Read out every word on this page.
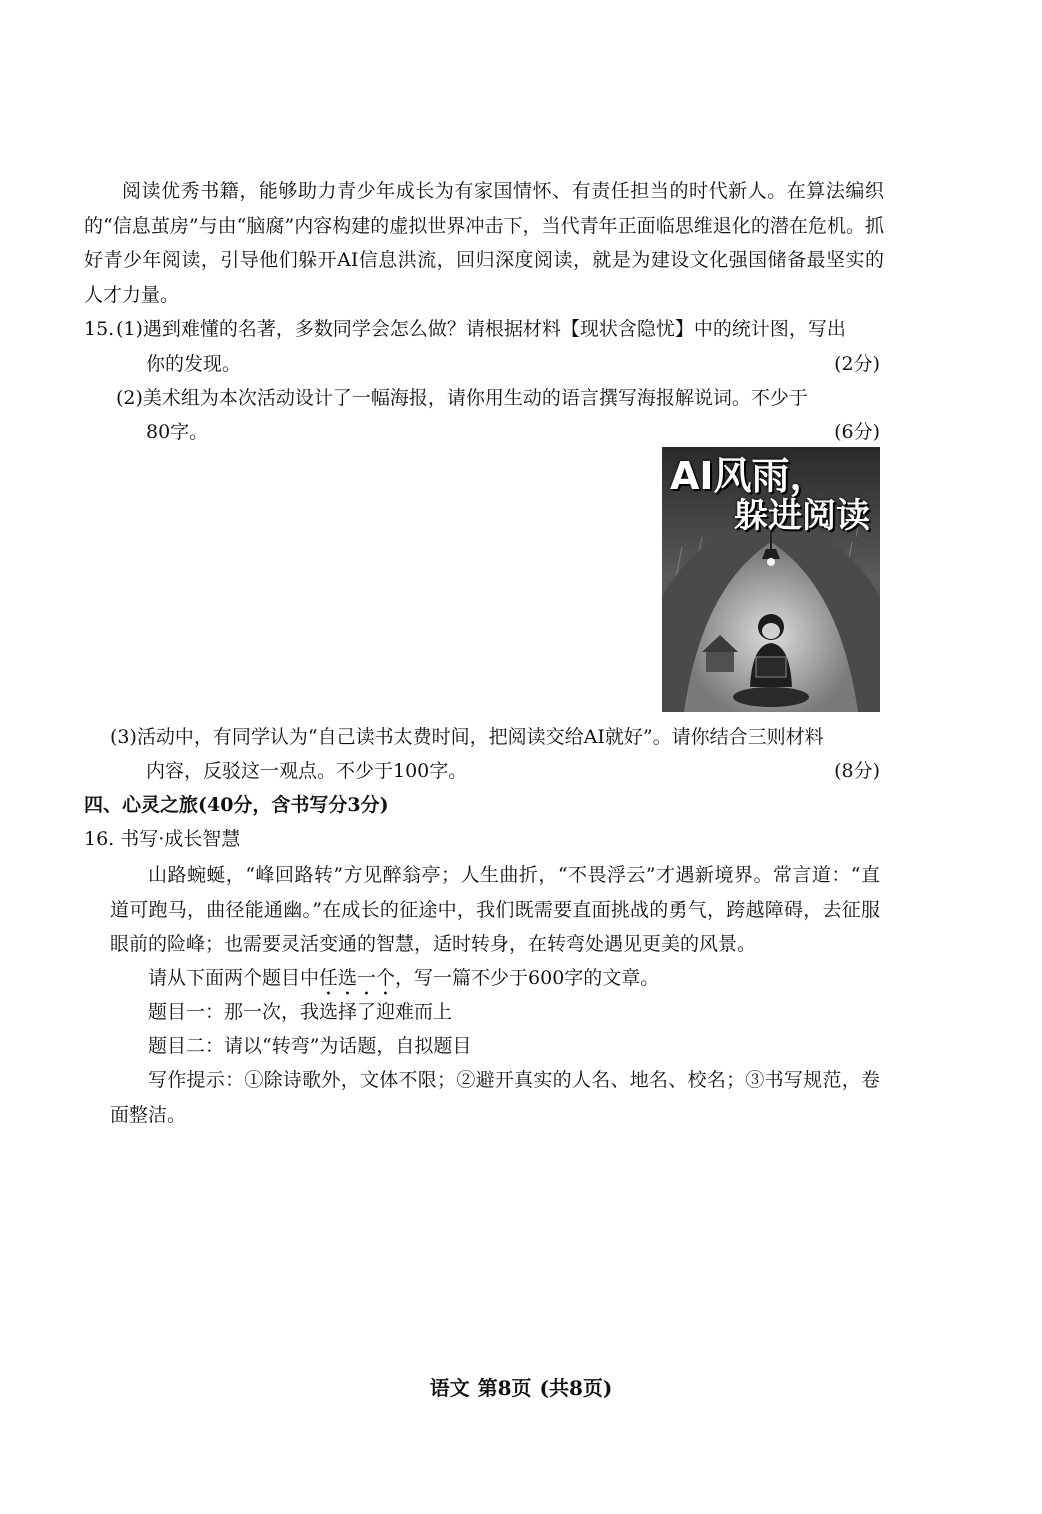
阅读优秀书籍，能够助力青少年成长为有家国情怀、有责任担当的时代新人。在算法编织的“信息茧房”与由“脑腐”内容构建的虚拟世界冲击下，当代青年正面临思维退化的潜在危机。抓好青少年阅读，引导他们躲开AI信息洪流，回归深度阅读，就是为建设文化强国储备最坚实的人才力量。
15. (1)遇到难懂的名著，多数同学会怎么做？请根据材料【现状含隐忧】中的统计图，写出
你的发现。	(2分)
(2)美术组为本次活动设计了一幅海报，请你用生动的语言撰写海报解说词。不少于
80字。	(6分)
AI风雨，
躲进阅读
(3)活动中，有同学认为“自己读书太费时间，把阅读交给AI就好”。请你结合三则材料
内容，反驳这一观点。不少于100字。	(8分)
四、心灵之旅(40分，含书写分3分)
16. 书写·成长智慧
山路蜿蜒，“峰回路转”方见醉翁亭；人生曲折，“不畏浮云”才遇新境界。常言道：“直道可跑马，曲径能通幽。”在成长的征途中，我们既需要直面挑战的勇气，跨越障碍，去征服眼前的险峰；也需要灵活变通的智慧，适时转身，在转弯处遇见更美的风景。
请从下面两个题目中任选一个，写一篇不少于600字的文章。
题目一：那一次，我选择了迎难而上
题目二：请以“转弯”为话题，自拟题目
写作提示：①除诗歌外，文体不限；②避开真实的人名、地名、校名；③书写规范，卷面整洁。
语文 第8页 (共8页)
